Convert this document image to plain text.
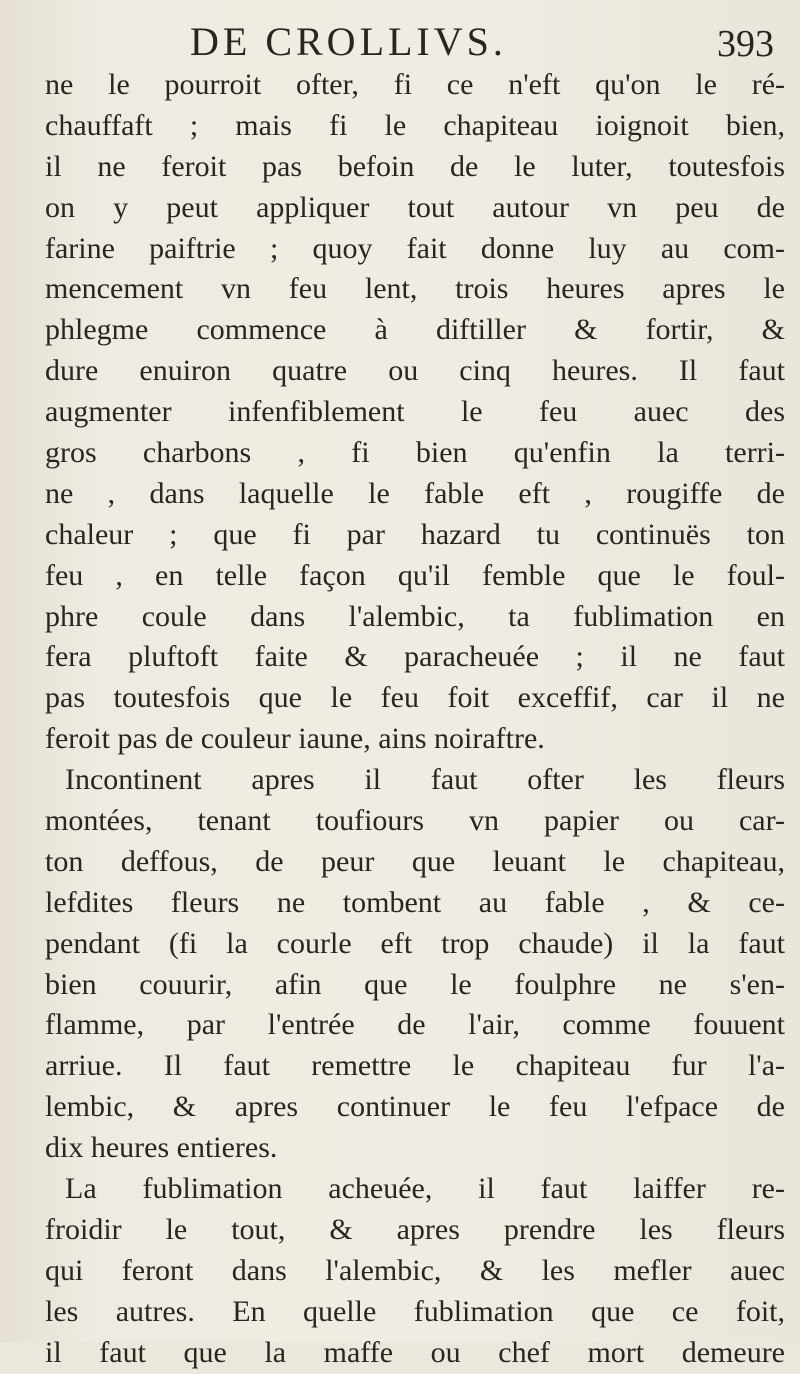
DE CROLLIVS.	393
ne le pourroit ofter, fi ce n'eft qu'on le ré-
chauffaft ; mais fi le chapiteau ioignoit bien,
il ne feroit pas befoin de le luter, toutesfois
on y peut appliquer tout autour vn peu de
farine paiftrie ; quoy fait donne luy au com-
mencement vn feu lent, trois heures apres le
phlegme commence à diftiller & fortir, &
dure enuiron quatre ou cinq heures. Il faut
augmenter infenfiblement le feu auec des
gros charbons , fi bien qu'enfin la terri-
ne , dans laquelle le fable eft , rougiffe de
chaleur ; que fi par hazard tu continuës ton
feu , en telle façon qu'il femble que le foul-
phre coule dans l'alembic, ta fublimation en
fera pluftoft faite & paracheuée ; il ne faut
pas toutesfois que le feu foit exceffif, car il ne
feroit pas de couleur iaune, ains noiraftre.
Incontinent apres il faut ofter les fleurs
montées, tenant toufiours vn papier ou car-
ton deffous, de peur que leuant le chapiteau,
lefdites fleurs ne tombent au fable , & ce-
pendant (fi la courle eft trop chaude) il la faut
bien couurir, afin que le foulphre ne s'en-
flamme, par l'entrée de l'air, comme fouuent
arriue. Il faut remettre le chapiteau fur l'a-
lembic, & apres continuer le feu l'efpace de
dix heures entieres.
La fublimation acheuée, il faut laiffer re-
froidir le tout, & apres prendre les fleurs
qui feront dans l'alembic, & les mefler auec
les autres. En quelle fublimation que ce foit,
il faut que la maffe ou chef mort demeure
